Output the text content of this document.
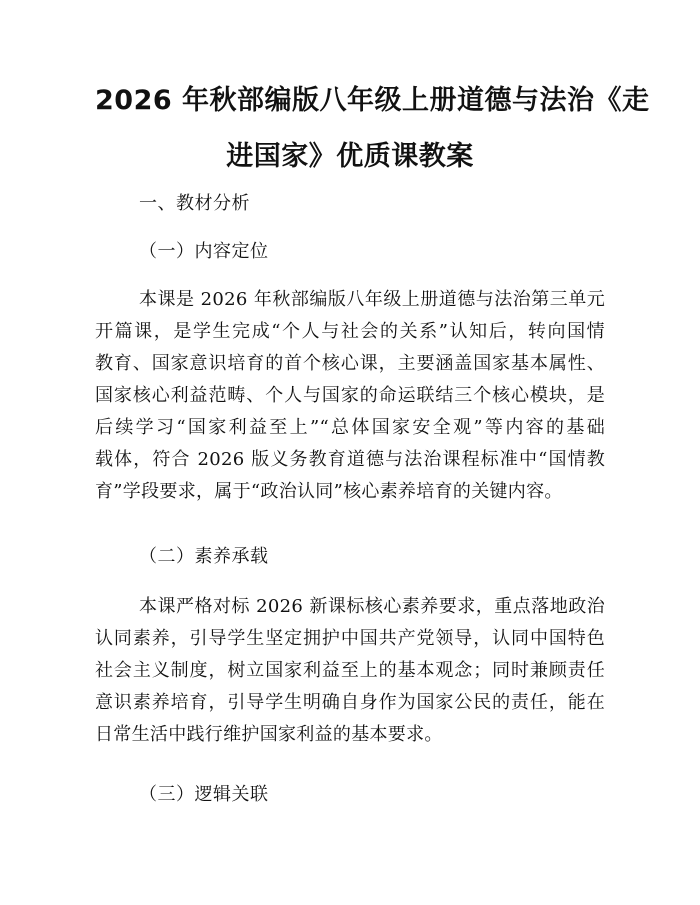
2026 年秋部编版八年级上册道德与法治《走
进国家》优质课教案
一、教材分析
（一）内容定位
本课是 2026 年秋部编版八年级上册道德与法治第三单元
开篇课，是学生完成“个人与社会的关系”认知后，转向国情
教育、国家意识培育的首个核心课，主要涵盖国家基本属性、
国家核心利益范畴、个人与国家的命运联结三个核心模块，是
后续学习“国家利益至上”“总体国家安全观”等内容的基础
载体，符合 2026 版义务教育道德与法治课程标准中“国情教
育”学段要求，属于“政治认同”核心素养培育的关键内容。
（二）素养承载
本课严格对标 2026 新课标核心素养要求，重点落地政治
认同素养，引导学生坚定拥护中国共产党领导，认同中国特色
社会主义制度，树立国家利益至上的基本观念；同时兼顾责任
意识素养培育，引导学生明确自身作为国家公民的责任，能在
日常生活中践行维护国家利益的基本要求。
（三）逻辑关联
